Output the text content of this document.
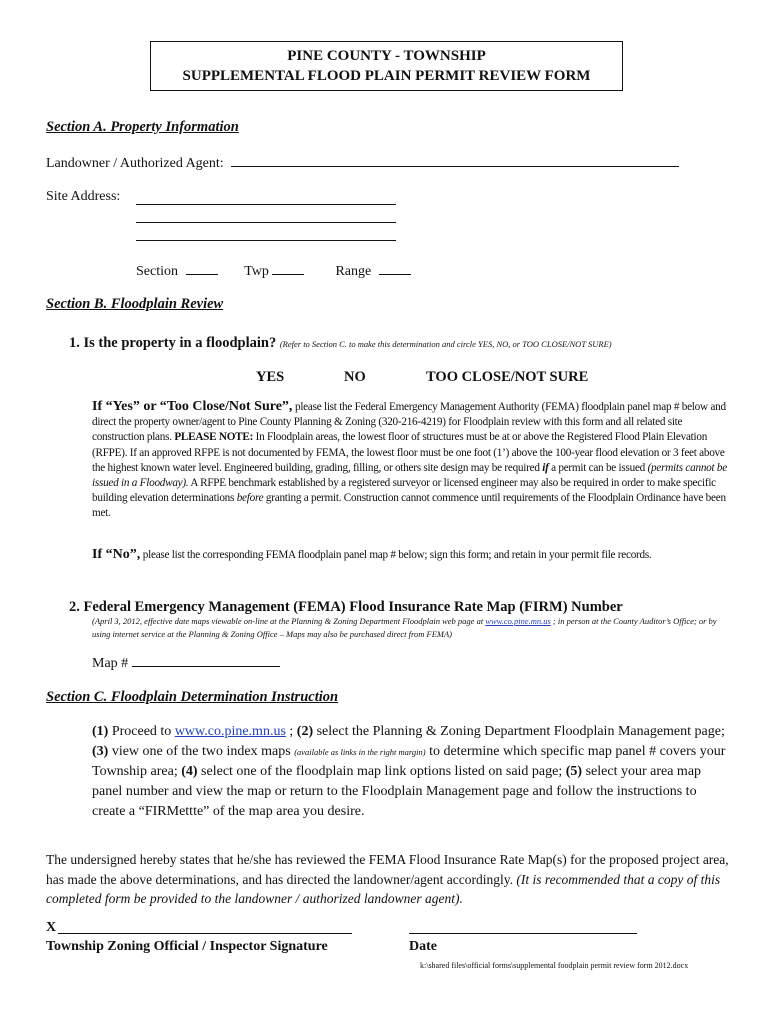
PINE COUNTY - TOWNSHIP
SUPPLEMENTAL FLOOD PLAIN PERMIT REVIEW FORM
Section A. Property Information
Landowner / Authorized Agent:
Site Address:
Section	Twp	Range
Section B. Floodplain Review
1. Is the property in a floodplain? (Refer to Section C. to make this determination and circle YES, NO, or TOO CLOSE/NOT SURE)
YES	NO	TOO CLOSE/NOT SURE
If “Yes” or “Too Close/Not Sure”, please list the Federal Emergency Management Authority (FEMA) floodplain panel map # below and direct the property owner/agent to Pine County Planning & Zoning (320-216-4219) for Floodplain review with this form and all related site construction plans. PLEASE NOTE: In Floodplain areas, the lowest floor of structures must be at or above the Registered Flood Plain Elevation (RFPE). If an approved RFPE is not documented by FEMA, the lowest floor must be one foot (1’) above the 100-year flood elevation or 3 feet above the highest known water level. Engineered building, grading, filling, or others site design may be required if a permit can be issued (permits cannot be issued in a Floodway). A RFPE benchmark established by a registered surveyor or licensed engineer may also be required in order to make specific building elevation determinations before granting a permit. Construction cannot commence until requirements of the Floodplain Ordinance have been met.
If “No”, please list the corresponding FEMA floodplain panel map # below; sign this form; and retain in your permit file records.
2. Federal Emergency Management (FEMA) Flood Insurance Rate Map (FIRM) Number
(April 3, 2012, effective date maps viewable on-line at the Planning & Zoning Department Floodplain web page at www.co.pine.mn.us ; in person at the County Auditor’s Office; or by using internet service at the Planning & Zoning Office – Maps may also be purchased direct from FEMA)
Map #
Section C. Floodplain Determination Instruction
(1) Proceed to www.co.pine.mn.us ; (2) select the Planning & Zoning Department Floodplain Management page; (3) view one of the two index maps (available as links in the right margin) to determine which specific map panel # covers your Township area; (4) select one of the floodplain map link options listed on said page; (5) select your area map panel number and view the map or return to the Floodplain Management page and follow the instructions to create a “FIRMettte” of the map area you desire.
The undersigned hereby states that he/she has reviewed the FEMA Flood Insurance Rate Map(s) for the proposed project area, has made the above determinations, and has directed the landowner/agent accordingly. (It is recommended that a copy of this completed form be provided to the landowner / authorized landowner agent).
X
Township Zoning Official / Inspector Signature	Date
k:\shared files\official forms\supplemental foodplain permit review form 2012.docx
